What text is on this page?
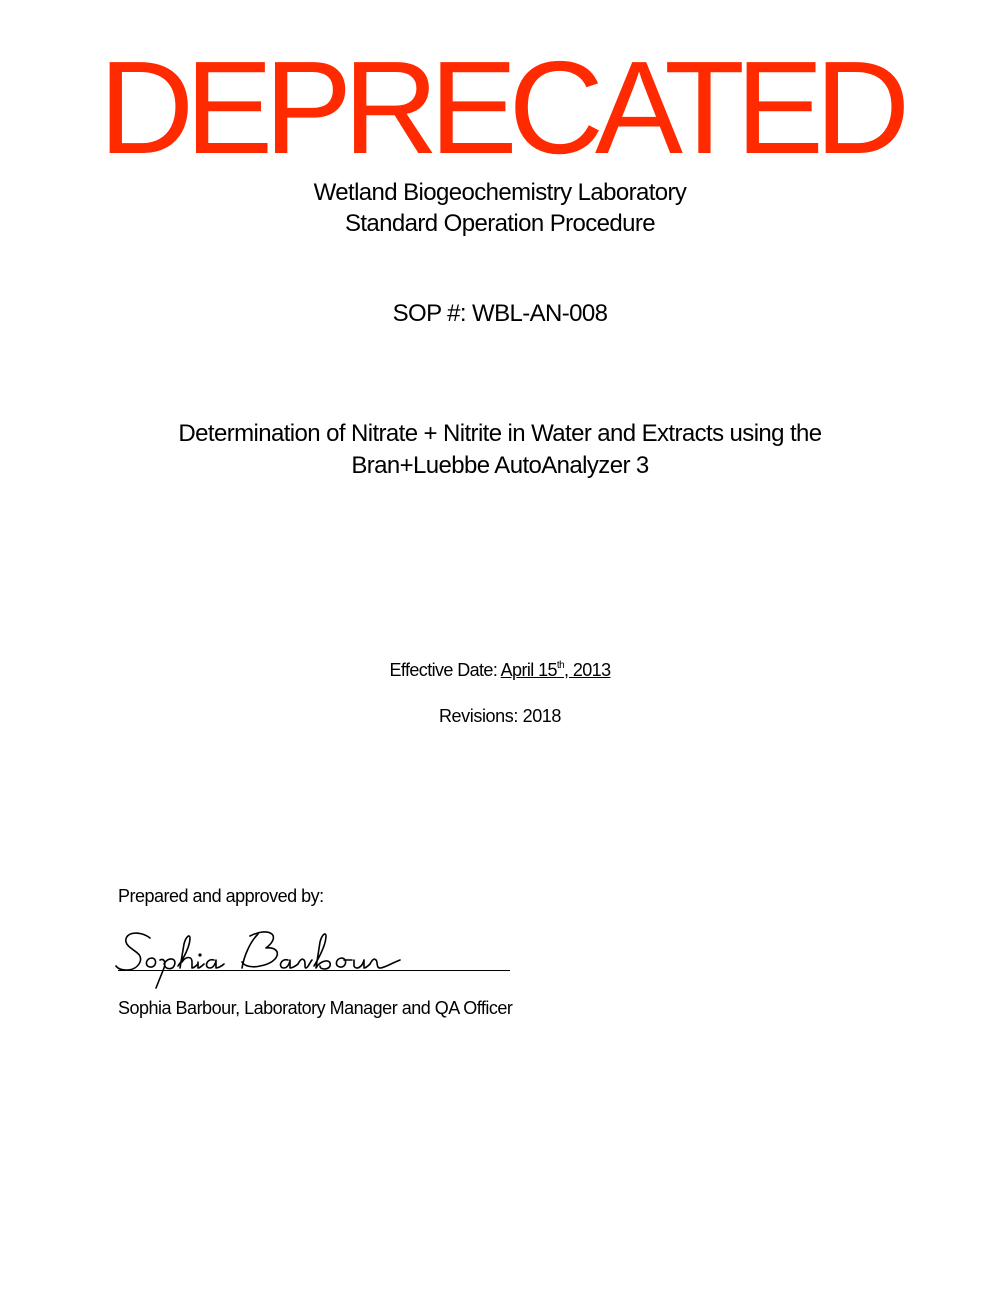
DEPRECATED
Wetland Biogeochemistry Laboratory
Standard Operation Procedure
SOP #: WBL-AN-008
Determination of Nitrate + Nitrite in Water and Extracts using the
Bran+Luebbe AutoAnalyzer 3
Effective Date: April 15th, 2013
Revisions: 2018
Prepared and approved by:
Sophia Barbour, Laboratory Manager and QA Officer
